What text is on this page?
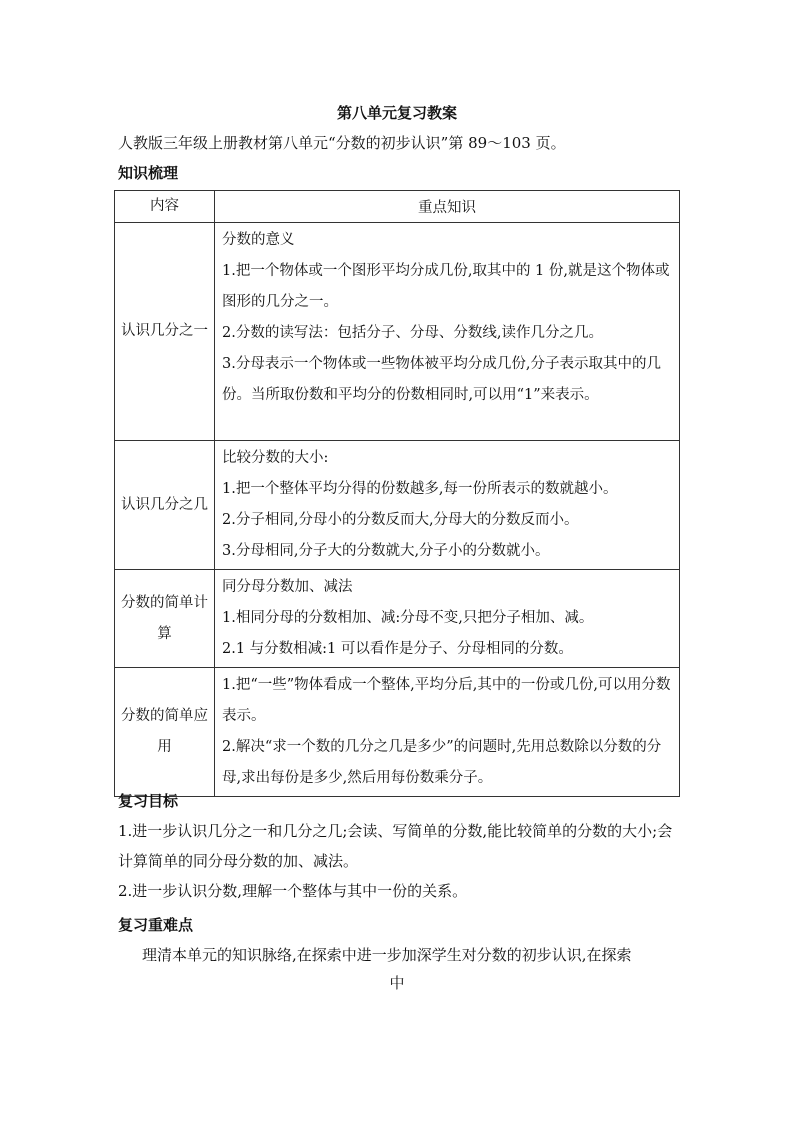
第八单元复习教案
人教版三年级上册教材第八单元“分数的初步认识”第 89～103 页。
知识梳理
内容	重点知识
认识几分之一	分数的意义

1.把一个物体或一个图形平均分成几份,取其中的 1 份,就是这个物体或图形的几分之一。

2.分数的读写法：包括分子、分母、分数线,读作几分之几。

3.分母表示一个物体或一些物体被平均分成几份,分子表示取其中的几份。当所取份数和平均分的份数相同时,可以用“1”来表示。

认识几分之几	比较分数的大小:

1.把一个整体平均分得的份数越多,每一份所表示的数就越小。

2.分子相同,分母小的分数反而大,分母大的分数反而小。

3.分母相同,分子大的分数就大,分子小的分数就小。

分数的简单计算	同分母分数加、减法

1.相同分母的分数相加、减:分母不变,只把分子相加、减。

2.1 与分数相减:1 可以看作是分子、分母相同的分数。

分数的简单应用	1.把“一些”物体看成一个整体,平均分后,其中的一份或几份,可以用分数表示。

2.解决“求一个数的几分之几是多少”的问题时,先用总数除以分数的分母,求出每份是多少,然后用每份数乘分子。

复习目标

1.进一步认识几分之一和几分之几;会读、写简单的分数,能比较简单的分数的大小;会计算简单的同分母分数的加、减法。

2.进一步认识分数,理解一个整体与其中一份的关系。

复习重难点

理清本单元的知识脉络,在探索中进一步加深学生对分数的初步认识,在探索

中
